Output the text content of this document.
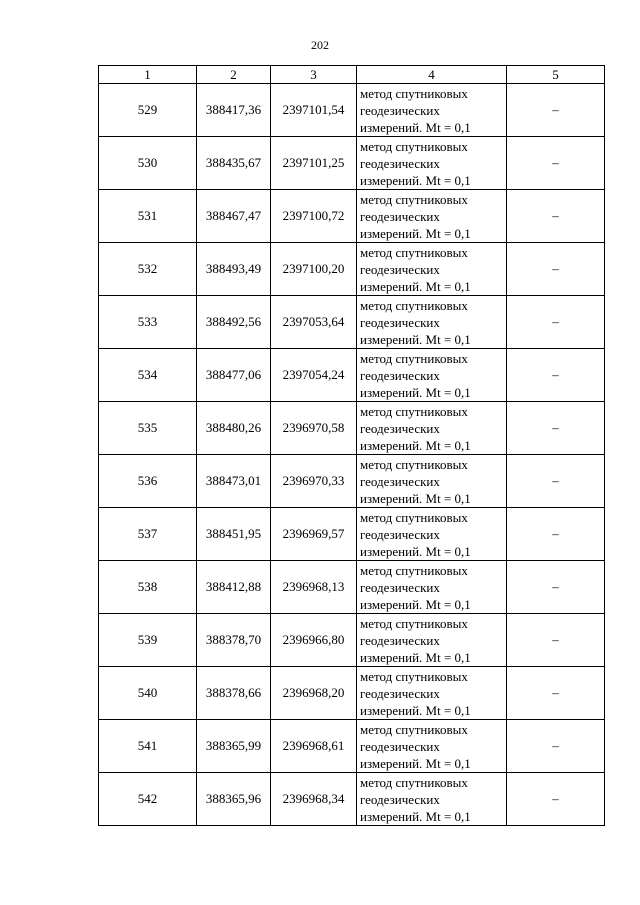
202
1	2	3	4	5
529	388417,36	2397101,54	метод спутниковых
геодезических
измерений. Mt = 0,1	–
530	388435,67	2397101,25	метод спутниковых
геодезических
измерений. Mt = 0,1	–
531	388467,47	2397100,72	метод спутниковых
геодезических
измерений. Mt = 0,1	–
532	388493,49	2397100,20	метод спутниковых
геодезических
измерений. Mt = 0,1	–
533	388492,56	2397053,64	метод спутниковых
геодезических
измерений. Mt = 0,1	–
534	388477,06	2397054,24	метод спутниковых
геодезических
измерений. Mt = 0,1	–
535	388480,26	2396970,58	метод спутниковых
геодезических
измерений. Mt = 0,1	–
536	388473,01	2396970,33	метод спутниковых
геодезических
измерений. Mt = 0,1	–
537	388451,95	2396969,57	метод спутниковых
геодезических
измерений. Mt = 0,1	–
538	388412,88	2396968,13	метод спутниковых
геодезических
измерений. Mt = 0,1	–
539	388378,70	2396966,80	метод спутниковых
геодезических
измерений. Mt = 0,1	–
540	388378,66	2396968,20	метод спутниковых
геодезических
измерений. Mt = 0,1	–
541	388365,99	2396968,61	метод спутниковых
геодезических
измерений. Mt = 0,1	–
542	388365,96	2396968,34	метод спутниковых
геодезических
измерений. Mt = 0,1	–
